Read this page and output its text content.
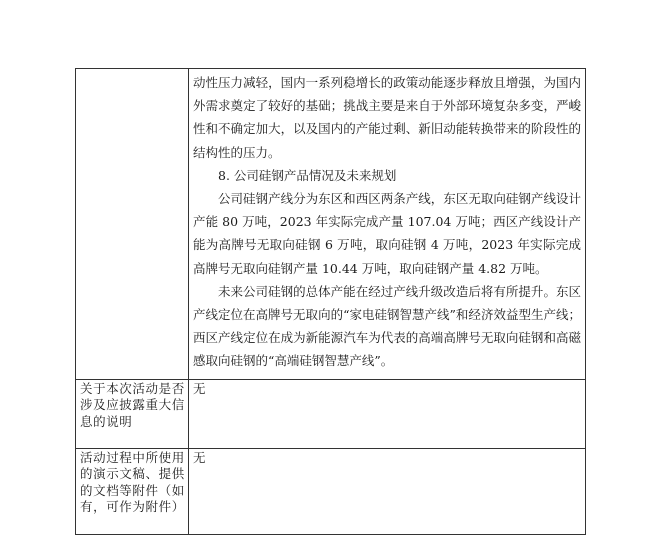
	动性压力减轻，国内一系列稳增长的政策动能逐步释放且增强，为国内外需求奠定了较好的基础；挑战主要是来自于外部环境复杂多变，严峻性和不确定加大，以及国内的产能过剩、新旧动能转换带来的阶段性的结构性的压力。

8. 公司硅钢产品情况及未来规划

公司硅钢产线分为东区和西区两条产线，东区无取向硅钢产线设计产能 80 万吨，2023 年实际完成产量 107.04 万吨；西区产线设计产能为高牌号无取向硅钢 6 万吨，取向硅钢 4 万吨，2023 年实际完成高牌号无取向硅钢产量 10.44 万吨，取向硅钢产量 4.82 万吨。

未来公司硅钢的总体产能在经过产线升级改造后将有所提升。东区产线定位在高牌号无取向的“家电硅钢智慧产线”和经济效益型生产线；西区产线定位在成为新能源汽车为代表的高端高牌号无取向硅钢和高磁感取向硅钢的“高端硅钢智慧产线”。

关于本次活动是否涉及应披露重大信息的说明	无
活动过程中所使用的演示文稿、提供的文档等附件（如有，可作为附件）	无
